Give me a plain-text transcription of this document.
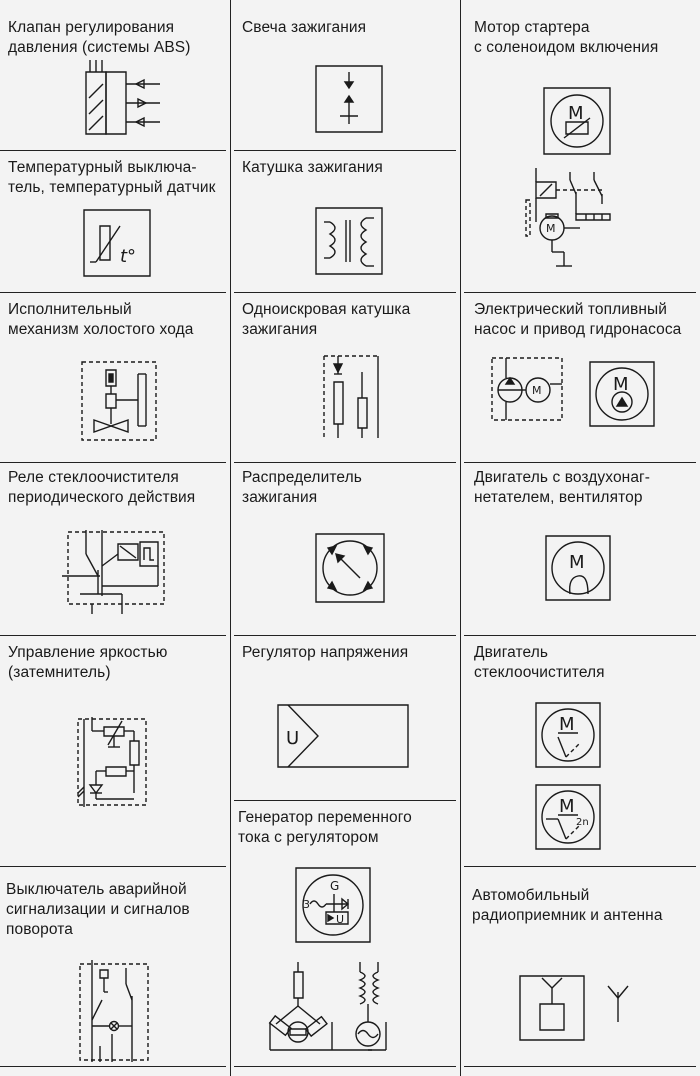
Клапан регулирования
давления (системы ABS)
Температурный выключа-
тель, температурный датчик
t°
Исполнительный
механизм холостого хода
Реле стеклоочистителя
периодического действия
Управление яркостью
(затемнитель)
Выключатель аварийной
сигнализации и сигналов
поворота
Свеча зажигания
Катушка зажигания
Одноискровая катушка
зажигания
Распределитель
зажигания
Регулятор напряжения
U
Генератор переменного
тока с регулятором
G
U
3
Мотор стартера
с соленоидом включения
M
M
Электрический топливный
насос и привод гидронасоса
M	M
Двигатель с воздухонаг-
нетателем, вентилятор
M
Двигатель
стеклоочистителя
M
M
2n
Автомобильный
радиоприемник и антенна
